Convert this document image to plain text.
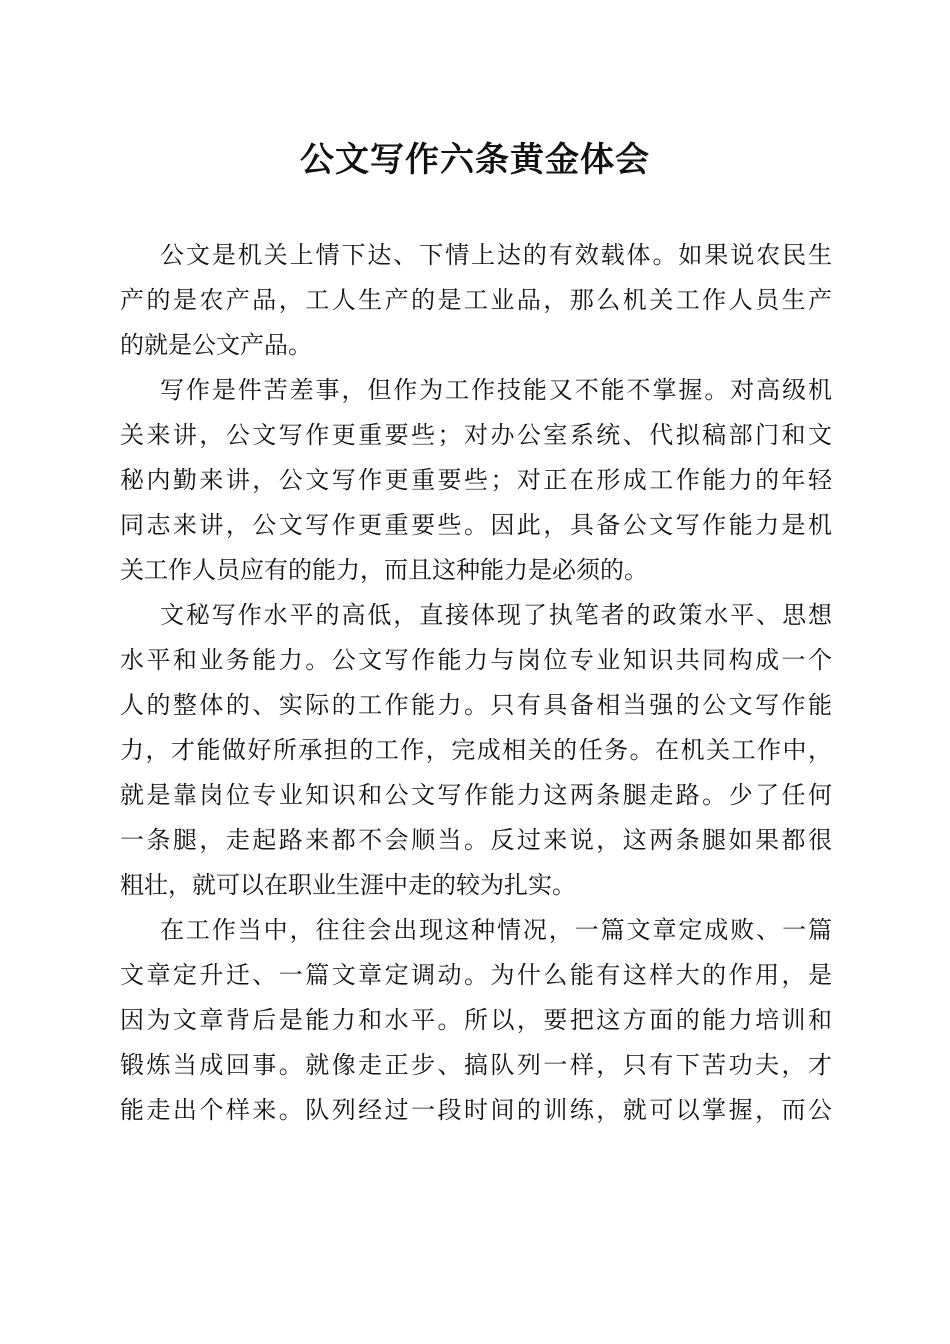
公文写作六条黄金体会
公文是机关上情下达、下情上达的有效载体。如果说农民生
产的是农产品，工人生产的是工业品，那么机关工作人员生产
的就是公文产品。
写作是件苦差事，但作为工作技能又不能不掌握。对高级机
关来讲，公文写作更重要些；对办公室系统、代拟稿部门和文
秘内勤来讲，公文写作更重要些；对正在形成工作能力的年轻
同志来讲，公文写作更重要些。因此，具备公文写作能力是机
关工作人员应有的能力，而且这种能力是必须的。
文秘写作水平的高低，直接体现了执笔者的政策水平、思想
水平和业务能力。公文写作能力与岗位专业知识共同构成一个
人的整体的、实际的工作能力。只有具备相当强的公文写作能
力，才能做好所承担的工作，完成相关的任务。在机关工作中，
就是靠岗位专业知识和公文写作能力这两条腿走路。少了任何
一条腿，走起路来都不会顺当。反过来说，这两条腿如果都很
粗壮，就可以在职业生涯中走的较为扎实。
在工作当中，往往会出现这种情况，一篇文章定成败、一篇
文章定升迁、一篇文章定调动。为什么能有这样大的作用，是
因为文章背后是能力和水平。所以，要把这方面的能力培训和
锻炼当成回事。就像走正步、搞队列一样，只有下苦功夫，才
能走出个样来。队列经过一段时间的训练，就可以掌握，而公
